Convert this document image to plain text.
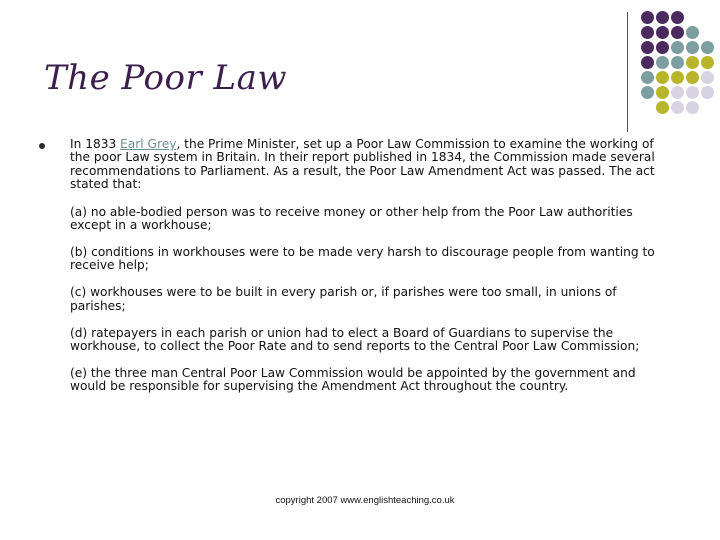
The Poor Law

In 1833 Earl Grey, the Prime Minister, set up a Poor Law Commission to examine the working of the poor Law system in Britain. In their report published in 1834, the Commission made several recommendations to Parliament. As a result, the Poor Law Amendment Act was passed. The act stated that:

(a) no able-bodied person was to receive money or other help from the Poor Law authorities except in a workhouse;

(b) conditions in workhouses were to be made very harsh to discourage people from wanting to receive help;

(c) workhouses were to be built in every parish or, if parishes were too small, in unions of parishes;

(d) ratepayers in each parish or union had to elect a Board of Guardians to supervise the workhouse, to collect the Poor Rate and to send reports to the Central Poor Law Commission;

(e) the three man Central Poor Law Commission would be appointed by the government and would be responsible for supervising the Amendment Act throughout the country.

copyright 2007 www.englishteaching.co.uk
